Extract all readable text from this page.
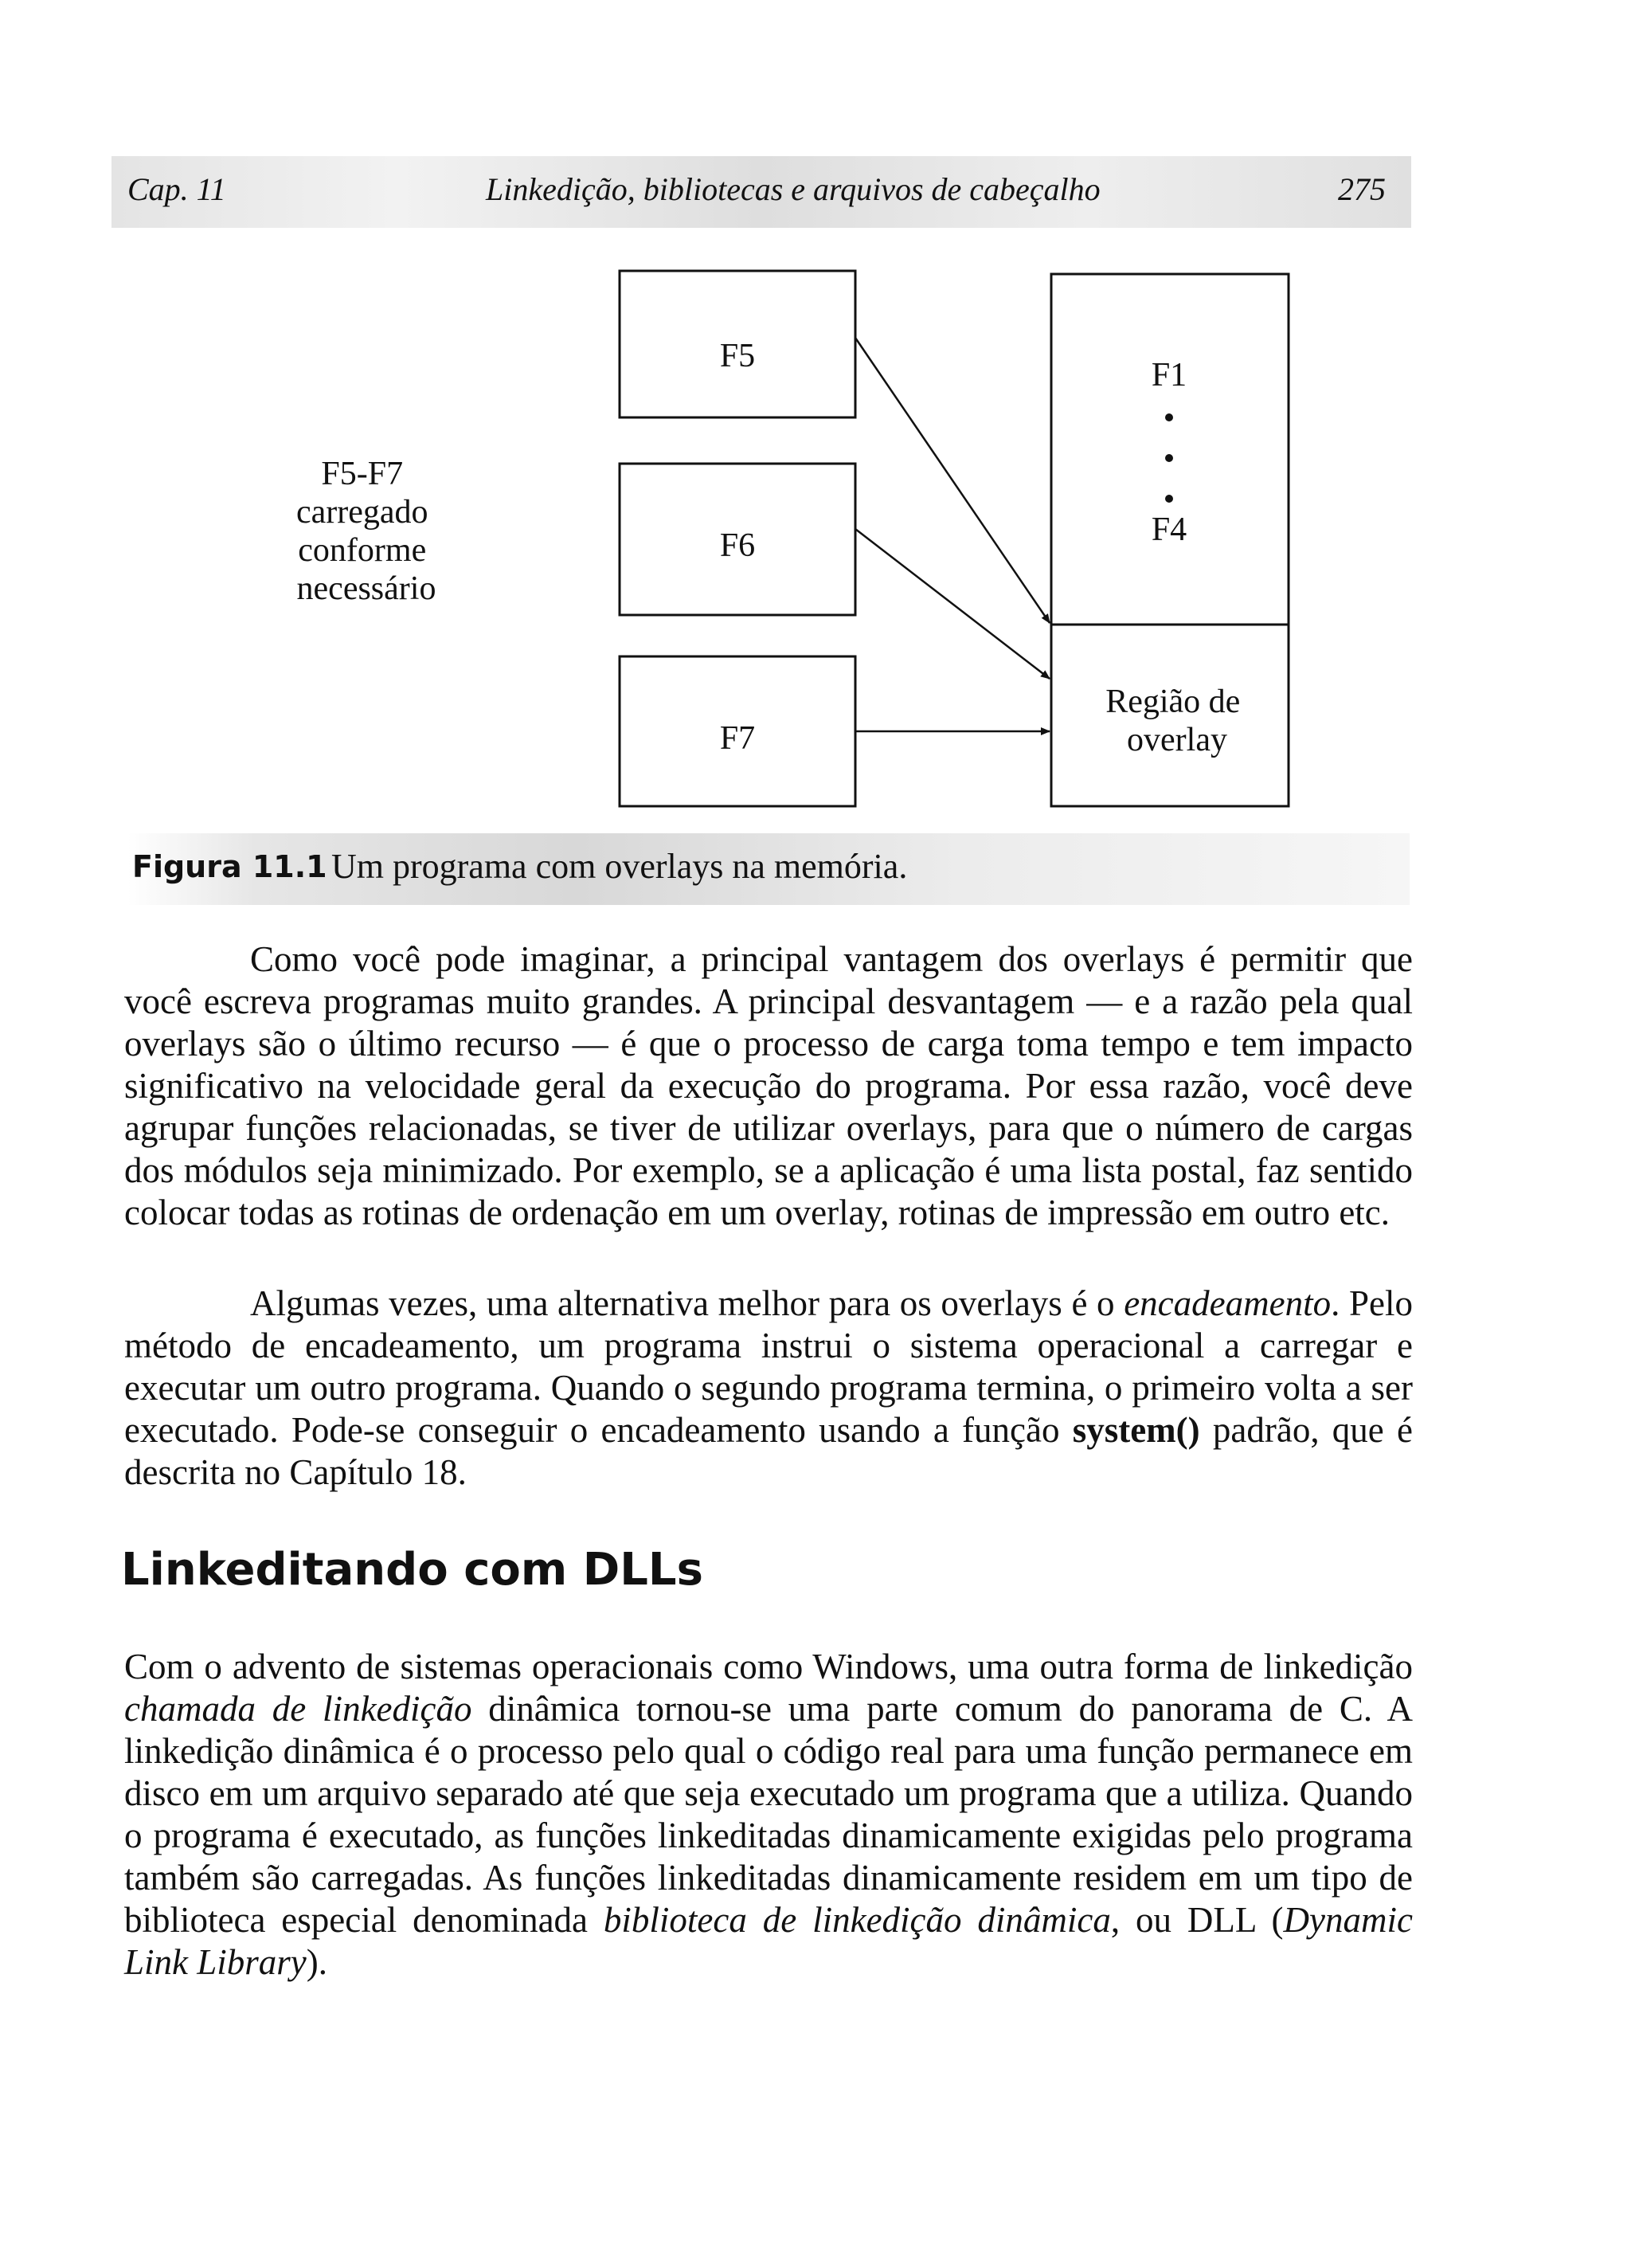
Cap. 11	Linkedição, bibliotecas e arquivos de cabeçalho	275
F5-F7 carregado conforme necessário
F5
F6
F7
F1
F4
Região de overlay
Figura 11.1 Um programa com overlays na memória.

Como você pode imaginar, a principal vantagem dos overlays é permitir que você escreva programas muito grandes. A principal desvantagem — e a razão pela qual overlays são o último recurso — é que o processo de carga toma tempo e tem impacto significativo na velocidade geral da execução do programa. Por essa razão, você deve agrupar funções relacionadas, se tiver de utilizar overlays, para que o número de cargas dos módulos seja minimizado. Por exemplo, se a aplicação é uma lista postal, faz sentido colocar todas as rotinas de ordenação em um overlay, rotinas de impressão em outro etc.

Algumas vezes, uma alternativa melhor para os overlays é o encadeamento. Pelo método de encadeamento, um programa instrui o sistema operacional a carregar e executar um outro programa. Quando o segundo programa termina, o primeiro volta a ser executado. Pode-se conseguir o encadeamento usando a função system() padrão, que é descrita no Capítulo 18.

Linkeditando com DLLs

Com o advento de sistemas operacionais como Windows, uma outra forma de linkedição chamada de linkedição dinâmica tornou-se uma parte comum do panorama de C. A linkedição dinâmica é o processo pelo qual o código real para uma função permanece em disco em um arquivo separado até que seja executado um programa que a utiliza. Quando o programa é executado, as funções linkeditadas dinamicamente exigidas pelo programa também são carregadas. As funções linkeditadas dinamicamente residem em um tipo de biblioteca especial denominada biblioteca de linkedição dinâmica, ou DLL (Dynamic Link Library).
